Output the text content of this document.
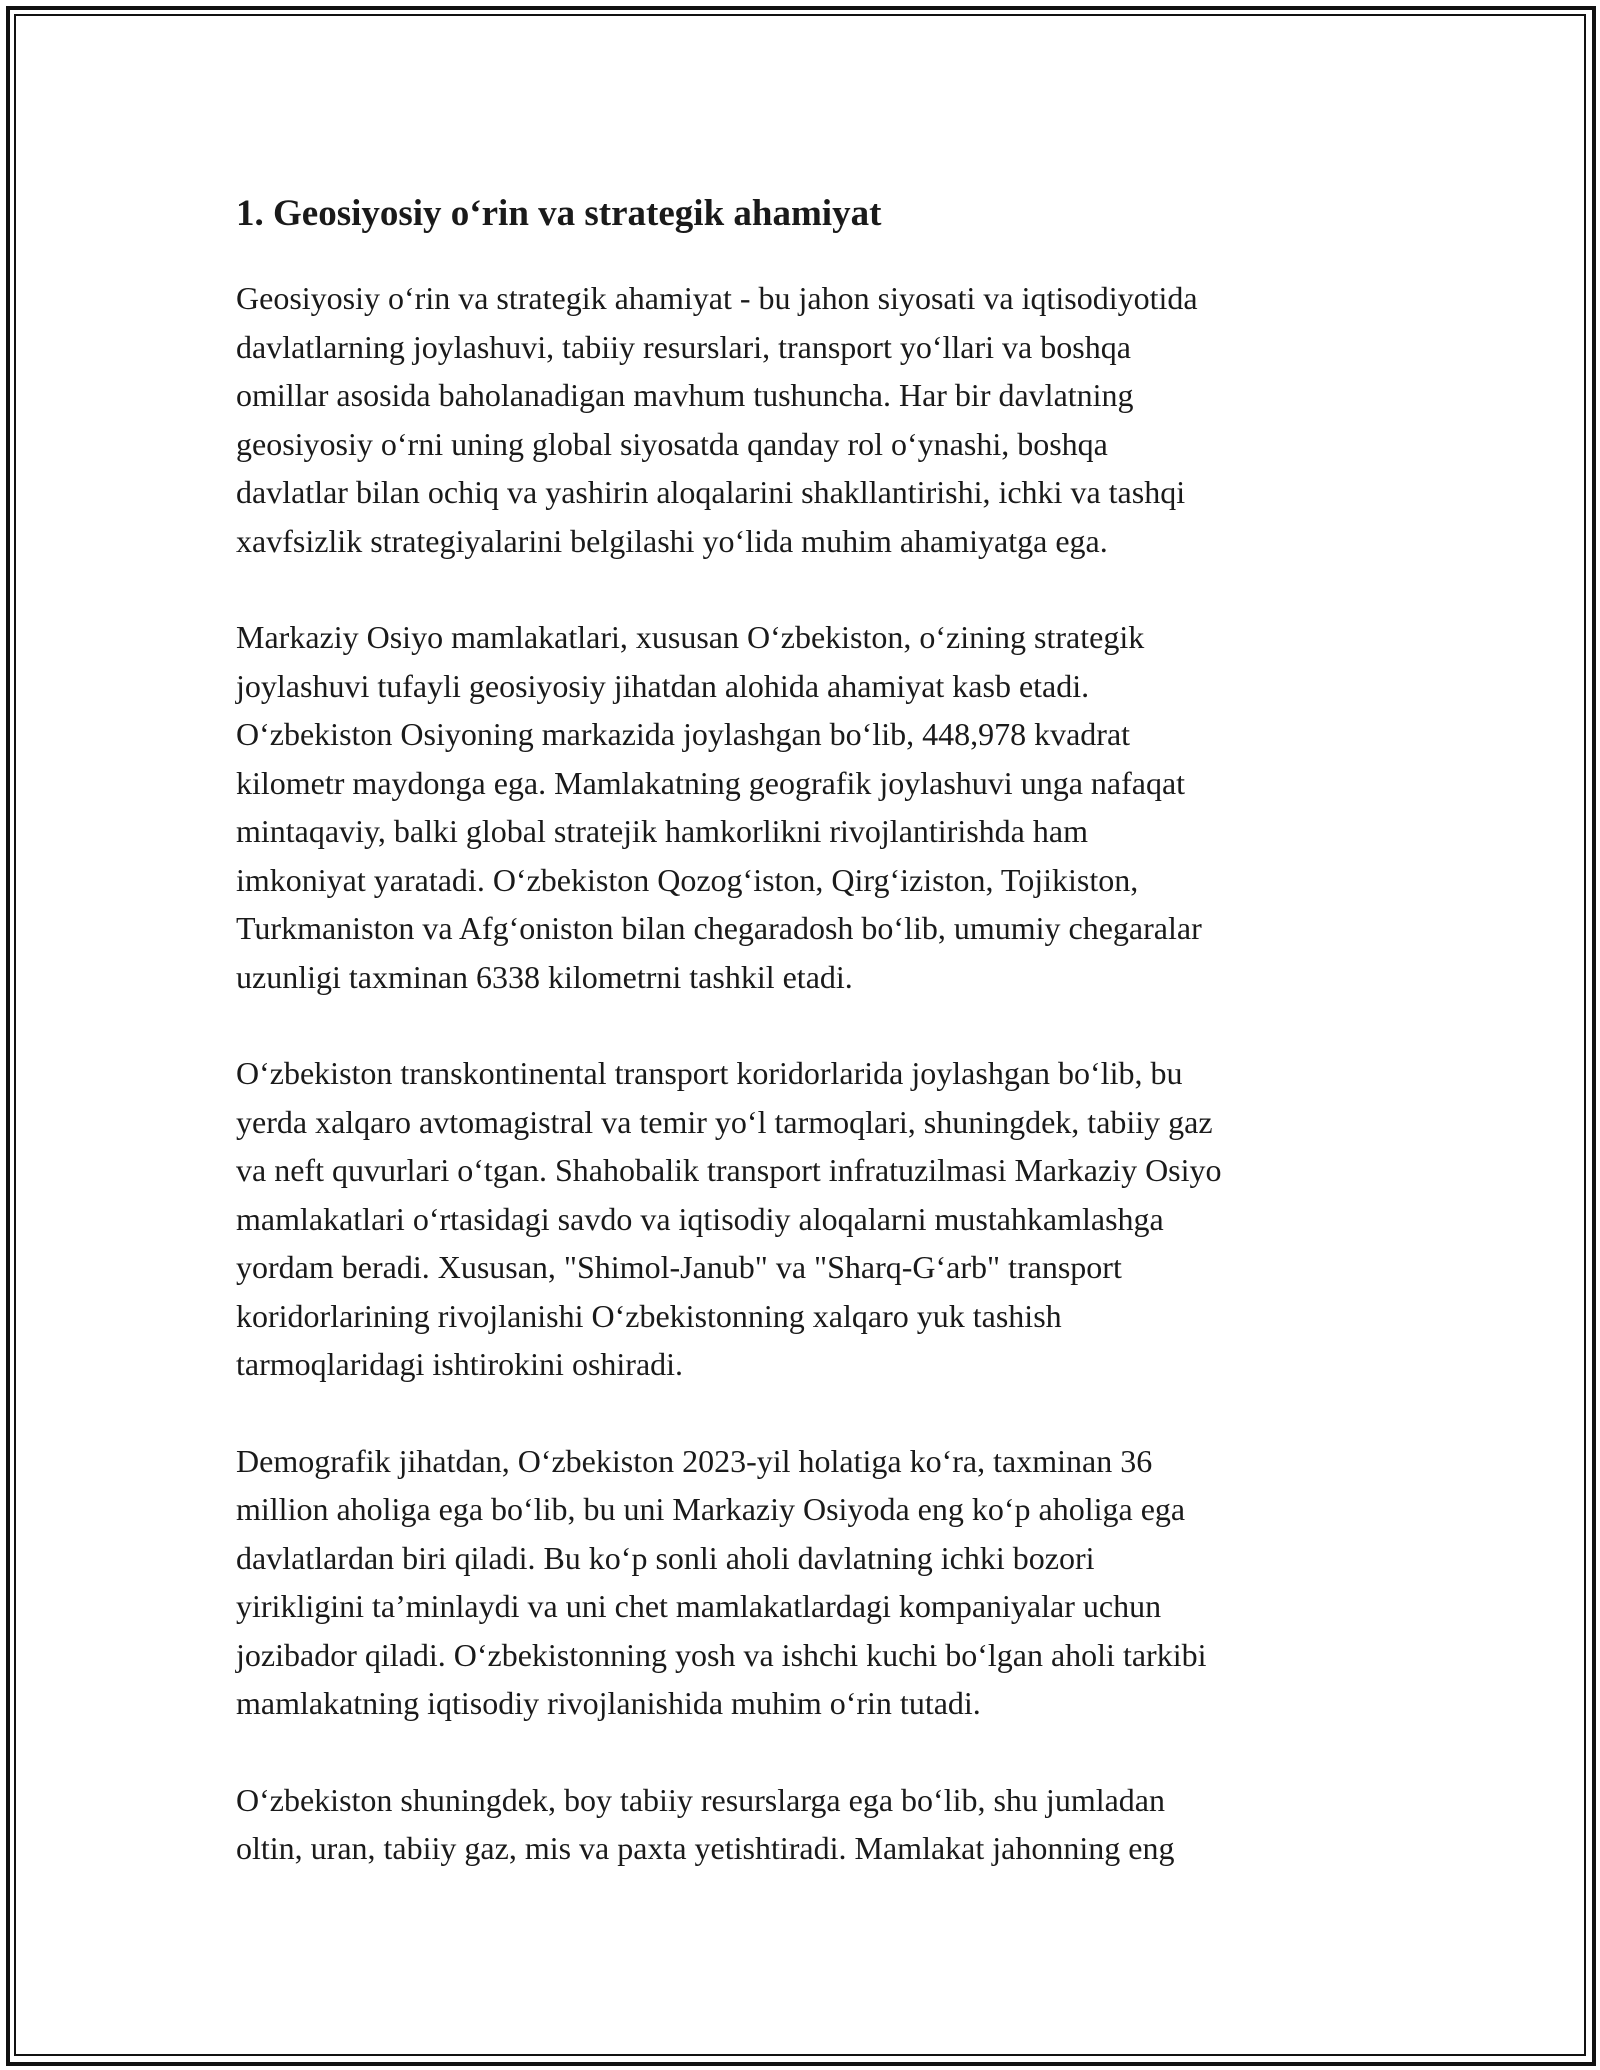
1. Geosiyosiy o‘rin va strategik ahamiyat

Geosiyosiy o‘rin va strategik ahamiyat - bu jahon siyosati va iqtisodiyotida
davlatlarning joylashuvi, tabiiy resurslari, transport yo‘llari va boshqa
omillar asosida baholanadigan mavhum tushuncha. Har bir davlatning
geosiyosiy o‘rni uning global siyosatda qanday rol o‘ynashi, boshqa
davlatlar bilan ochiq va yashirin aloqalarini shakllantirishi, ichki va tashqi
xavfsizlik strategiyalarini belgilashi yo‘lida muhim ahamiyatga ega.

Markaziy Osiyo mamlakatlari, xususan O‘zbekiston, o‘zining strategik
joylashuvi tufayli geosiyosiy jihatdan alohida ahamiyat kasb etadi.
O‘zbekiston Osiyoning markazida joylashgan bo‘lib, 448,978 kvadrat
kilometr maydonga ega. Mamlakatning geografik joylashuvi unga nafaqat
mintaqaviy, balki global stratejik hamkorlikni rivojlantirishda ham
imkoniyat yaratadi. O‘zbekiston Qozog‘iston, Qirg‘iziston, Tojikiston,
Turkmaniston va Afg‘oniston bilan chegaradosh bo‘lib, umumiy chegaralar
uzunligi taxminan 6338 kilometrni tashkil etadi.

O‘zbekiston transkontinental transport koridorlarida joylashgan bo‘lib, bu
yerda xalqaro avtomagistral va temir yo‘l tarmoqlari, shuningdek, tabiiy gaz
va neft quvurlari o‘tgan. Shahobalik transport infratuzilmasi Markaziy Osiyo
mamlakatlari o‘rtasidagi savdo va iqtisodiy aloqalarni mustahkamlashga
yordam beradi. Xususan, "Shimol-Janub" va "Sharq-G‘arb" transport
koridorlarining rivojlanishi O‘zbekistonning xalqaro yuk tashish
tarmoqlaridagi ishtirokini oshiradi.

Demografik jihatdan, O‘zbekiston 2023-yil holatiga ko‘ra, taxminan 36
million aholiga ega bo‘lib, bu uni Markaziy Osiyoda eng ko‘p aholiga ega
davlatlardan biri qiladi. Bu ko‘p sonli aholi davlatning ichki bozori
yirikligini ta’minlaydi va uni chet mamlakatlardagi kompaniyalar uchun
jozibador qiladi. O‘zbekistonning yosh va ishchi kuchi bo‘lgan aholi tarkibi
mamlakatning iqtisodiy rivojlanishida muhim o‘rin tutadi.

O‘zbekiston shuningdek, boy tabiiy resurslarga ega bo‘lib, shu jumladan
oltin, uran, tabiiy gaz, mis va paxta yetishtiradi. Mamlakat jahonning eng
